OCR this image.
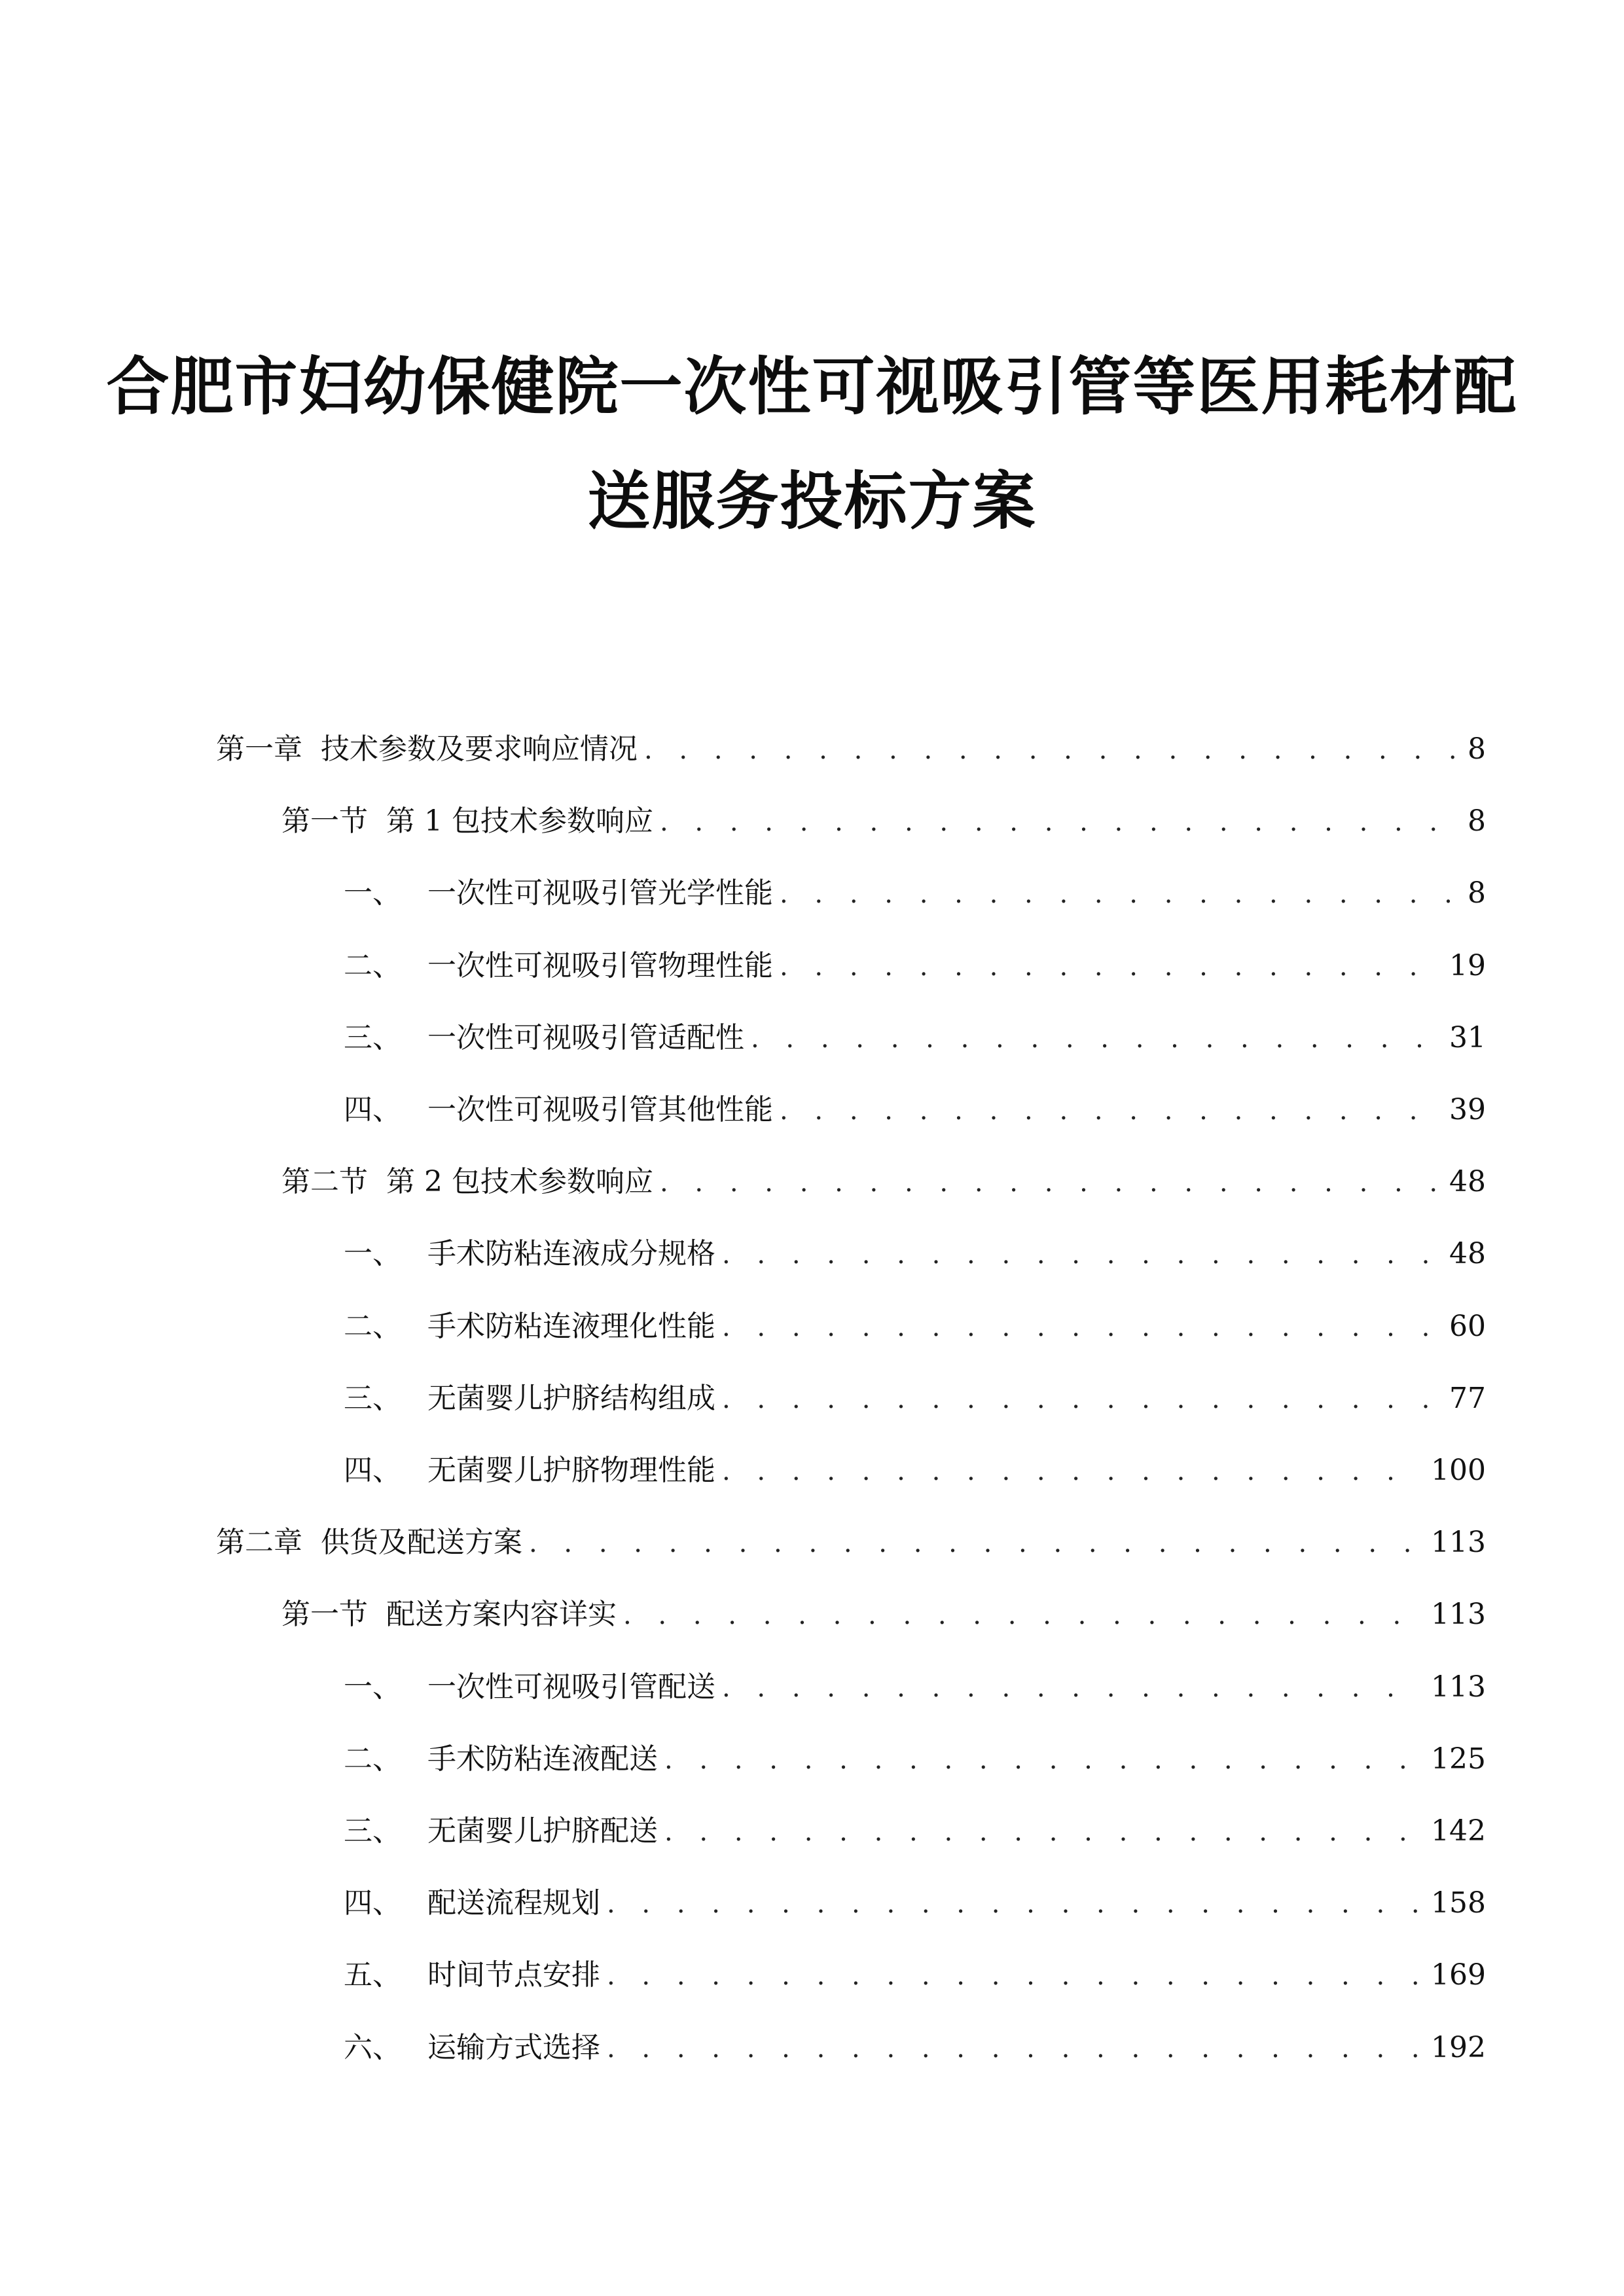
合肥市妇幼保健院一次性可视吸引管等医用耗材配
送服务投标方案
第一章 技术参数及要求响应情况 . . .	8
第一节 第 1 包技术参数响应 . . .	8
一、 一次性可视吸引管光学性能 . . .	8
二、 一次性可视吸引管物理性能 . . .	19
三、 一次性可视吸引管适配性 . . .	31
四、 一次性可视吸引管其他性能 . . .	39
第二节 第 2 包技术参数响应 . . .	48
一、 手术防粘连液成分规格 . . .	48
二、 手术防粘连液理化性能 . . .	60
三、 无菌婴儿护脐结构组成 . . .	77
四、 无菌婴儿护脐物理性能 . . .	100
第二章 供货及配送方案 . . .	113
第一节 配送方案内容详实 . . .	113
一、 一次性可视吸引管配送 . . .	113
二、 手术防粘连液配送 . . .	125
三、 无菌婴儿护脐配送 . . .	142
四、 配送流程规划 . . .	158
五、 时间节点安排 . . .	169
六、 运输方式选择 . . .	192
